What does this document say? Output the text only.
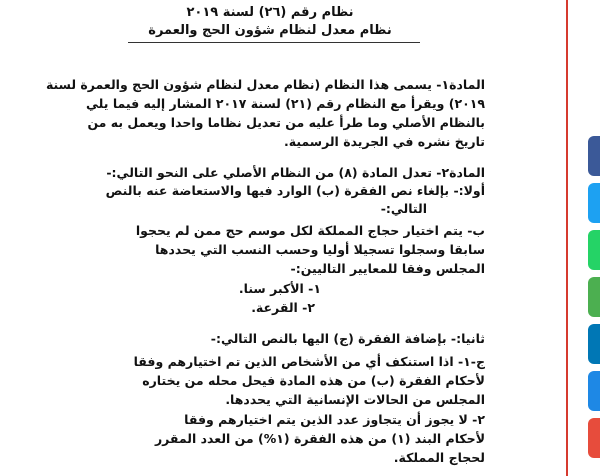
نظام رقم (٢٦) لسنة ٢٠١٩
نظام معدل لنظام شؤون الحج والعمرة
المادة١- يسمى هذا النظام (نظام معدل لنظام شؤون الحج والعمرة لسنة
٢٠١٩) ويقرأ مع النظام رقم (٢١) لسنة ٢٠١٧ المشار إليه فيما يلي
بالنظام الأصلي وما طرأ عليه من تعديل نظاما واحدا ويعمل به من
تاريخ نشره في الجريدة الرسمية.
المادة٢- تعدل المادة (٨) من النظام الأصلي على النحو التالي:-
أولا:- بإلغاء نص الفقرة (ب) الوارد فيها والاستعاضة عنه بالنص
التالي:-
ب- يتم اختيار حجاج المملكة لكل موسم حج ممن لم يحجوا
سابقا وسجلوا تسجيلا أوليا وحسب النسب التي يحددها
المجلس وفقا للمعايير التاليين:-
١- الأكبر سنا.
٢- القرعة.
ثانيا:- بإضافة الفقرة (ج) اليها بالنص التالي:-
ج-١- اذا استنكف أي من الأشخاص الذين تم اختيارهم وفقا
لأحكام الفقرة (ب) من هذه المادة فيحل محله من يختاره
المجلس من الحالات الإنسانية التي يحددها.
٢- لا يجوز أن يتجاوز عدد الذين يتم اختيارهم وفقا
لأحكام البند (١) من هذه الفقرة (١%) من العدد المقرر
لحجاج المملكة.
